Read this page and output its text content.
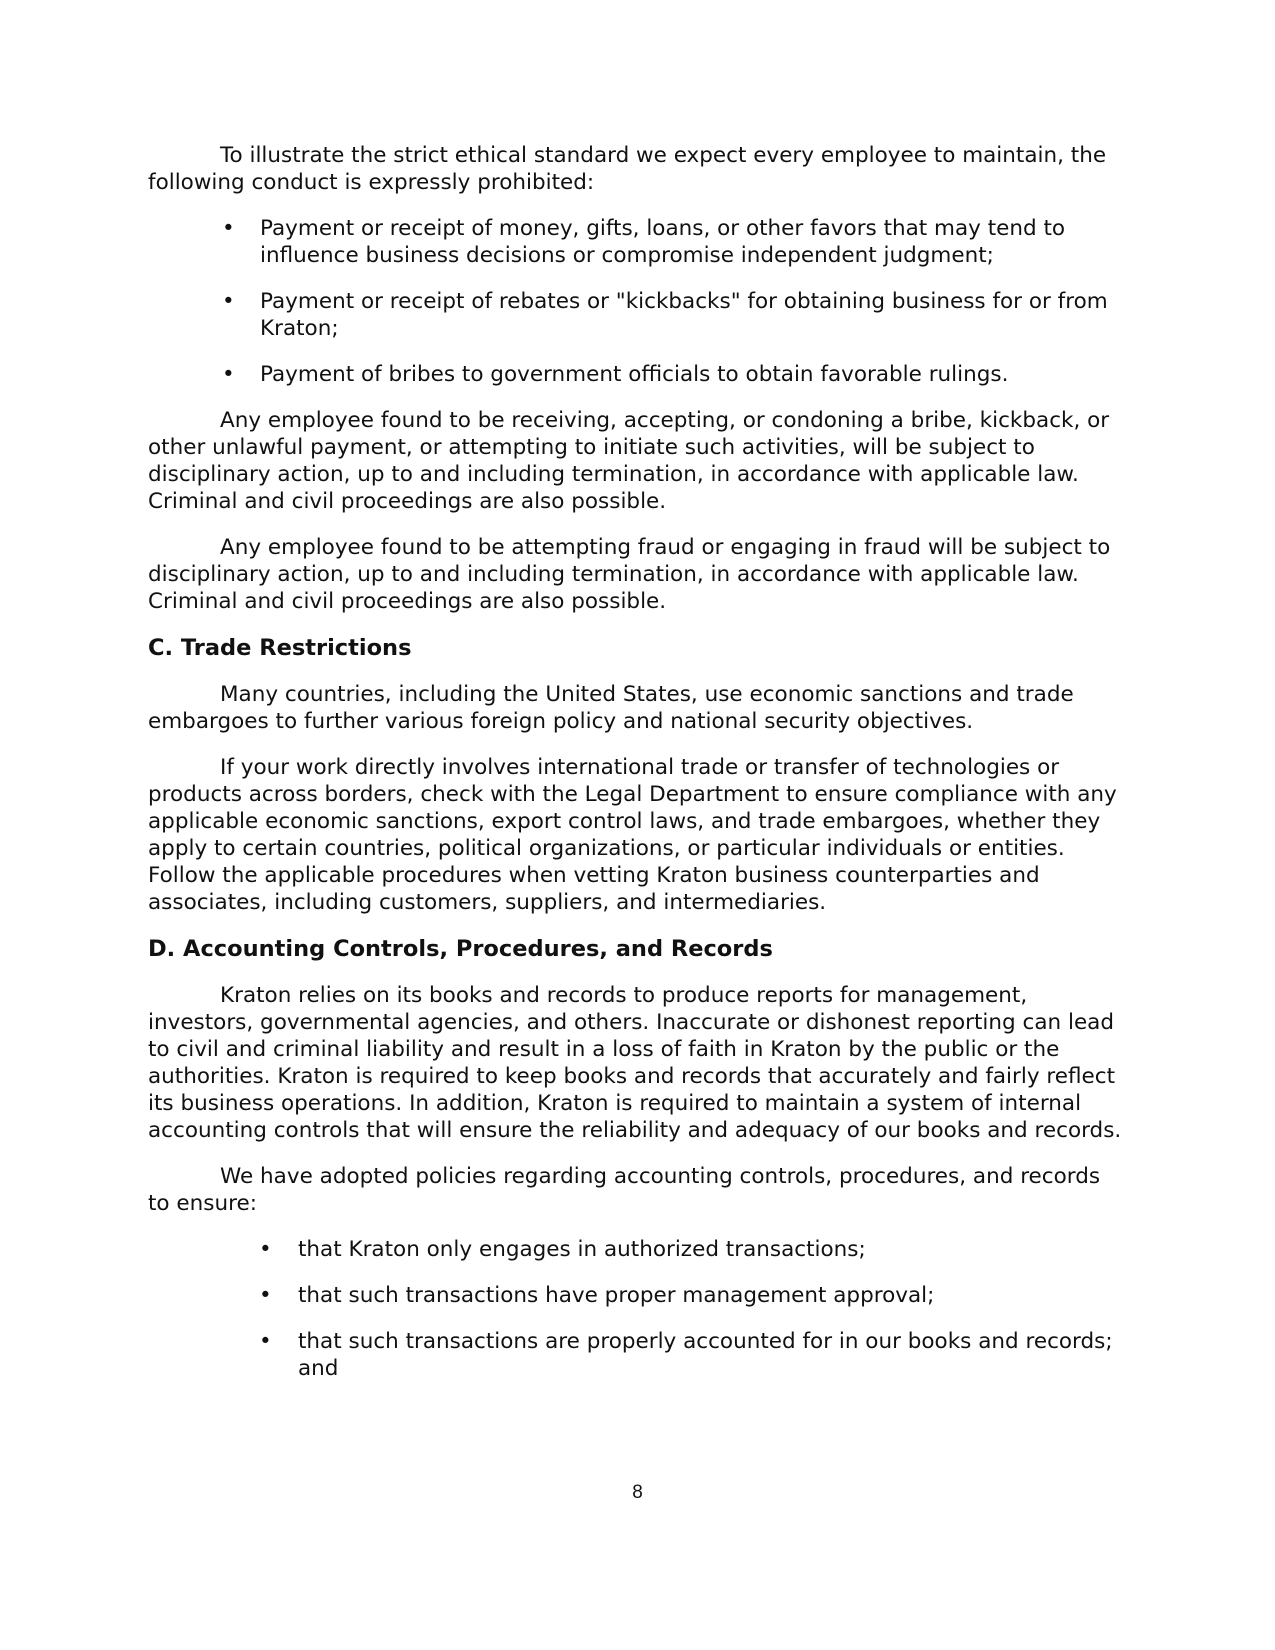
To illustrate the strict ethical standard we expect every employee to maintain, the following conduct is expressly prohibited:

• Payment or receipt of money, gifts, loans, or other favors that may tend to influence business decisions or compromise independent judgment;
• Payment or receipt of rebates or "kickbacks" for obtaining business for or from Kraton;
• Payment of bribes to government officials to obtain favorable rulings.

Any employee found to be receiving, accepting, or condoning a bribe, kickback, or other unlawful payment, or attempting to initiate such activities, will be subject to disciplinary action, up to and including termination, in accordance with applicable law. Criminal and civil proceedings are also possible.

Any employee found to be attempting fraud or engaging in fraud will be subject to disciplinary action, up to and including termination, in accordance with applicable law. Criminal and civil proceedings are also possible.

C. Trade Restrictions

Many countries, including the United States, use economic sanctions and trade embargoes to further various foreign policy and national security objectives.

If your work directly involves international trade or transfer of technologies or products across borders, check with the Legal Department to ensure compliance with any applicable economic sanctions, export control laws, and trade embargoes, whether they apply to certain countries, political organizations, or particular individuals or entities. Follow the applicable procedures when vetting Kraton business counterparties and associates, including customers, suppliers, and intermediaries.

D. Accounting Controls, Procedures, and Records

Kraton relies on its books and records to produce reports for management, investors, governmental agencies, and others. Inaccurate or dishonest reporting can lead to civil and criminal liability and result in a loss of faith in Kraton by the public or the authorities. Kraton is required to keep books and records that accurately and fairly reflect its business operations. In addition, Kraton is required to maintain a system of internal accounting controls that will ensure the reliability and adequacy of our books and records.

We have adopted policies regarding accounting controls, procedures, and records to ensure:

• that Kraton only engages in authorized transactions;
• that such transactions have proper management approval;
• that such transactions are properly accounted for in our books and records; and
8
